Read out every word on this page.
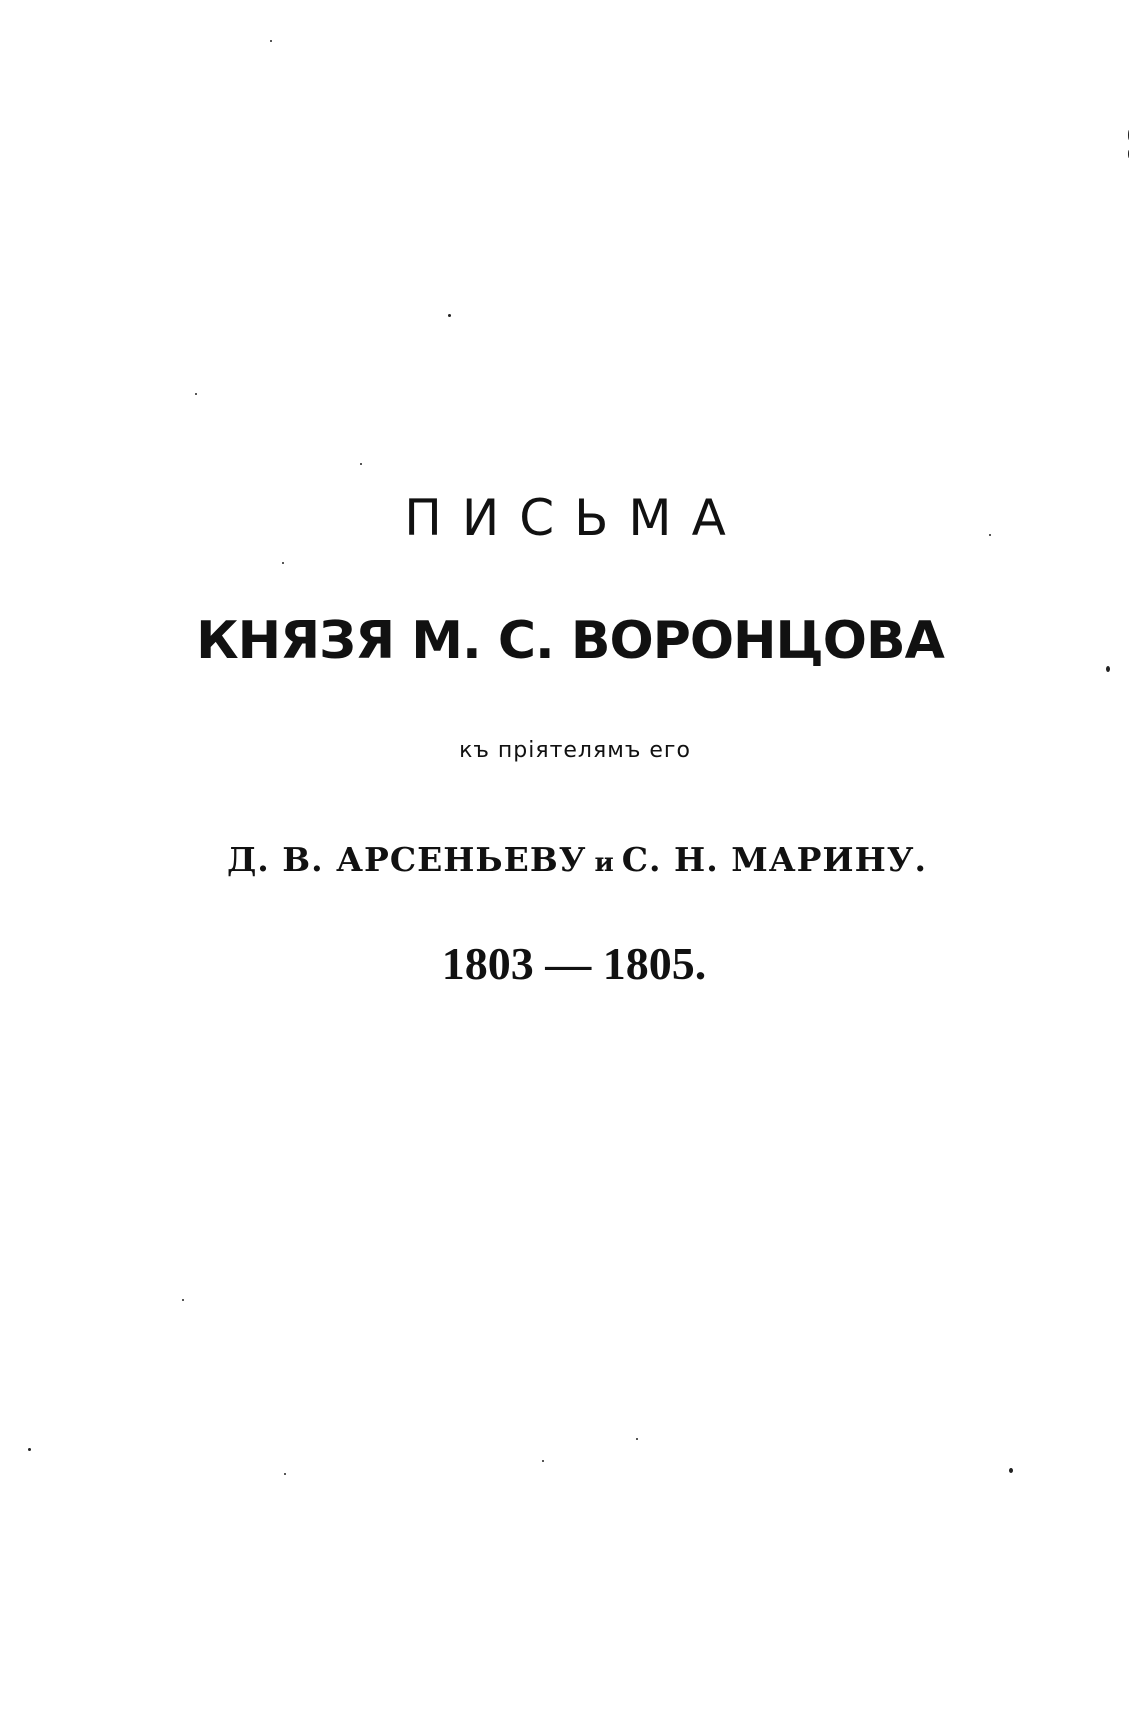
ПИСЬМА
КНЯЗЯ М. С. ВОРОНЦОВА
къ пріятелямъ его
Д. В. АРСЕНЬЕВУ и С. Н. МАРИНУ.
1803 — 1805.
